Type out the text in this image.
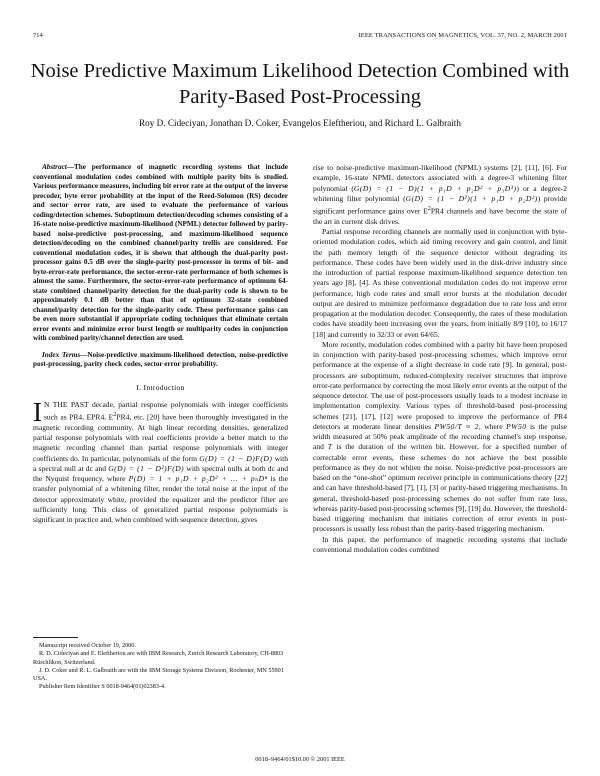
714	IEEE TRANSACTIONS ON MAGNETICS, VOL. 37, NO. 2, MARCH 2001
Noise Predictive Maximum Likelihood Detection Combined with Parity-Based Post-Processing
Roy D. Cideciyan, Jonathan D. Coker, Evangelos Eleftheriou, and Richard L. Galbraith

Abstract—The performance of magnetic recording systems that include conventional modulation codes combined with multiple parity bits is studied. Various performance measures, including bit error rate at the output of the inverse precoder, byte error probability at the input of the Reed-Solomon (RS) decoder and sector error rate, are used to evaluate the performance of various coding/detection schemes. Suboptimum detection/decoding schemes consisting of a 16-state noise-predictive maximum-likelihood (NPML) detector followed by parity-based noise-predictive post-processing, and maximum-likelihood sequence detection/decoding on the combined channel/parity trellis are considered. For conventional modulation codes, it is shown that although the dual-parity post-processor gains 0.5 dB over the single-parity post-processor in terms of bit- and byte-error-rate performance, the sector-error-rate performance of both schemes is almost the same. Furthermore, the sector-error-rate performance of optimum 64-state combined channel/parity detection for the dual-parity code is shown to be approximately 0.1 dB better than that of optimum 32-state combined channel/parity detection for the single-parity code. These performance gains can be even more substantial if appropriate coding techniques that eliminate certain error events and minimize error burst length or multiparity codes in conjunction with combined parity/channel detection are used.

Index Terms—Noise-predictive maximum-likelihood detection, noise-predictive post-processing, parity check codes, sector error probability.

I. Introduction

I N THE PAST decade, partial response polynomials with integer coefficients such as PR4, EPR4, $E^2PR4$, etc. [20] have been thoroughly investigated in the magnetic recording community. At high linear recording densities, generalized partial response polynomials with real coefficients provide a better match to the magnetic recording channel than partial response polynomials with integer coefficients do. In particular, polynomials of the form G(D) = (1 − D)F(D) with a spectral null at dc and G(D) = (1 − D²)F(D) with spectral nulls at both dc and the Nyquist frequency, where P(D) = 1 + p₁D + p₂D² + … + pₙDⁿ is the transfer polynomial of a whitening filter, render the total noise at the input of the detector approximately white, provided the equalizer and the predictor filter are sufficiently long. This class of generalized partial response polynomials is significant in practice and, when combined with sequence detection, gives

Manuscript received October 19, 2000.
R. D. Cideciyan and E. Eleftheriou are with IBM Research, Zurich Research Laboratory, CH-8803 Rüschlikon, Switzerland.
J. D. Coker and R. L. Galbraith are with the IBM Storage Systems Division, Rochester, MN 55901 USA.
Publisher Item Identifier S 0018-9464(01)02383-4.

rise to noise-predictive maximum-likelihood (NPML) systems [2], [11], [6]. For example, 16-state NPML detectors associated with a degree-3 whitening filter polynomial (G(D) = (1 − D)(1 + p₁D + p₂D² + p₃D³)) or a degree-2 whitening filter polynomial (G(D) = (1 − D²)(1 + p₁D + p₂D²)) provide significant performance gains over $E^2PR4$ channels and have become the state of the art in current disk drives.

Partial response recording channels are normally used in conjunction with byte-oriented modulation codes, which aid timing recovery and gain control, and limit the path memory length of the sequence detector without degrading its performance. These codes have been widely used in the disk-drive industry since the introduction of partial response maximum-likelihood sequence detection ten years ago [8], [4]. As these conventional modulation codes do not improve error performance, high code rates and small error bursts at the modulation decoder output are desired to minimize performance degradation due to rate loss and error propagation at the modulation decoder. Consequently, the rates of these modulation codes have steadily been increasing over the years, from initially 8/9 [10], to 16/17 [18] and currently to 32/33 or even 64/65.

More recently, modulation codes combined with a parity bit have been proposed in conjunction with parity-based post-processing schemes, which improve error performance at the expense of a slight decrease in code rate [9]. In general, post-processors are suboptimum, reduced-complexity receiver structures that improve error-rate performance by correcting the most likely error events at the output of the sequence detector. The use of post-processors usually leads to a modest increase in implementation complexity. Various types of threshold-based post-processing schemes [21], [17], [12] were proposed to improve the performance of PR4 detectors at moderate linear densities PW50/T ≈ 2, where PW50 is the pulse width measured at 50% peak amplitude of the recording channel's step response, and T is the duration of the written bit. However, for a specified number of correctable error events, these schemes do not achieve the best possible performance as they do not whiten the noise. Noise-predictive post-processors are based on the “one-shot” optimum receiver principle in communications theory [22] and can have threshold-based [7], [1], [3] or parity-based triggering mechanisms. In general, threshold-based post-processing schemes do not suffer from rate loss, whereas parity-based post-processing schemes [9], [19] do. However, the threshold-based triggering mechanism that initiates correction of error events in post-processors is usually less robust than the parity-based triggering mechanism.

In this paper, the performance of magnetic recording systems that include conventional modulation codes combined

0018–9464/01$10.00 © 2001 IEEE
